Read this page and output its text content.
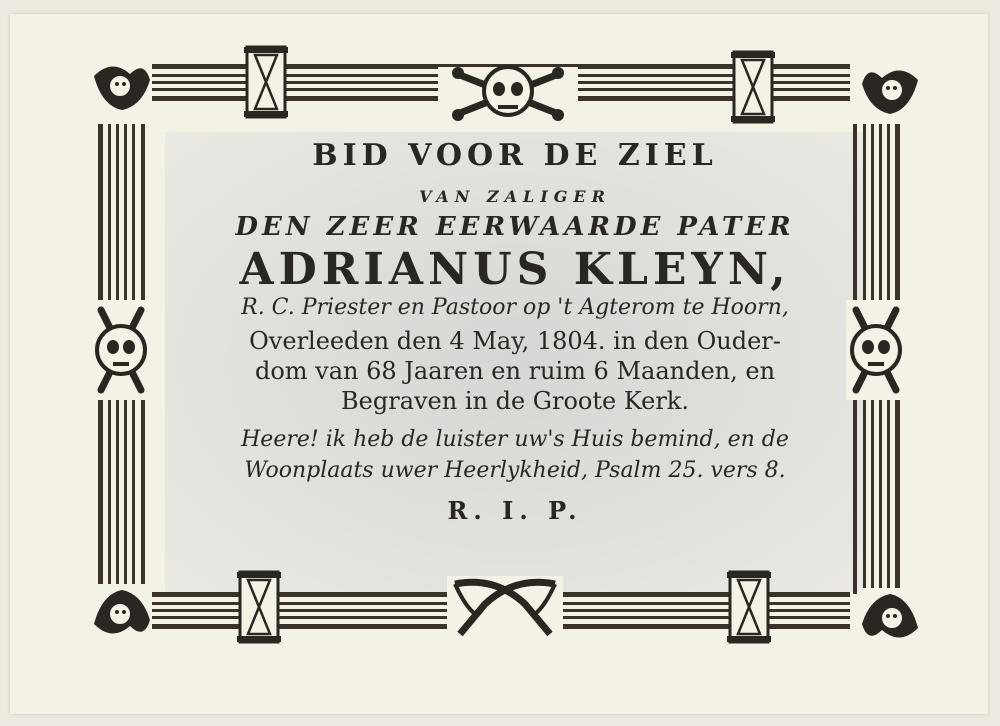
BID VOOR DE ZIEL
VAN ZALIGER
DEN ZEER EERWAARDE PATER
ADRIANUS KLEYN,
R. C. Priester en Pastoor op 't Agterom te Hoorn,
Overleeden den 4 May, 1804. in den Ouder-
dom van 68 Jaaren en ruim 6 Maanden, en
Begraven in de Groote Kerk.
Heere! ik heb de luister uw's Huis bemind, en de
Woonplaats uwer Heerlykheid, Psalm 25. vers 8.
R. I. P.
